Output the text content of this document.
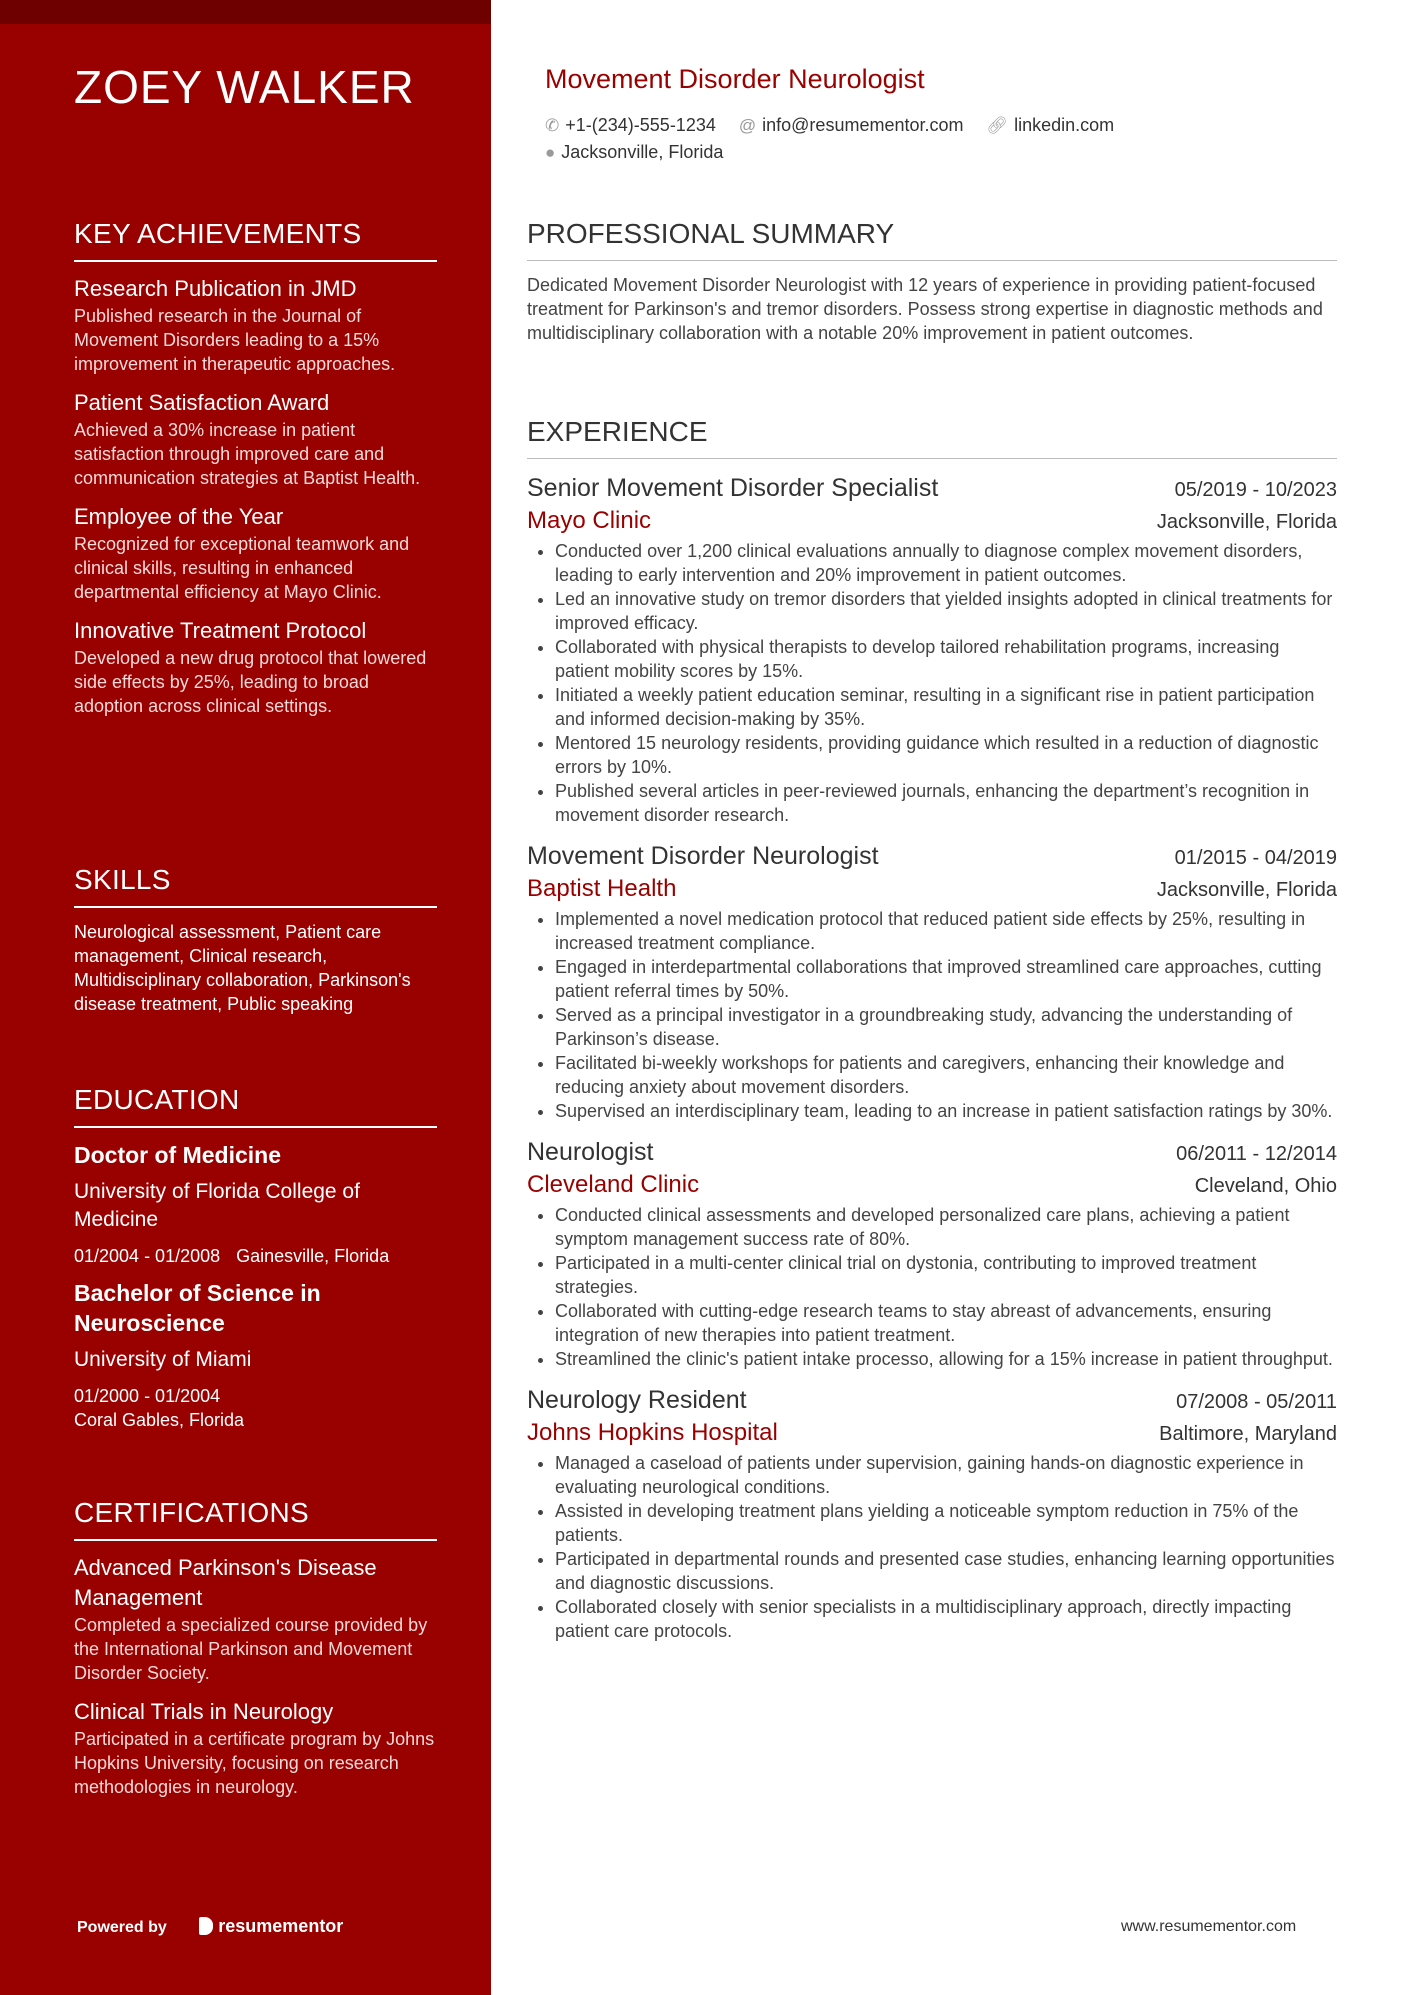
ZOEY WALKER
KEY ACHIEVEMENTS
Research Publication in JMD
Published research in the Journal of Movement Disorders leading to a 15% improvement in therapeutic approaches.
Patient Satisfaction Award
Achieved a 30% increase in patient satisfaction through improved care and communication strategies at Baptist Health.
Employee of the Year
Recognized for exceptional teamwork and clinical skills, resulting in enhanced departmental efficiency at Mayo Clinic.
Innovative Treatment Protocol
Developed a new drug protocol that lowered side effects by 25%, leading to broad adoption across clinical settings.
SKILLS
Neurological assessment, Patient care management, Clinical research, Multidisciplinary collaboration, Parkinson's disease treatment, Public speaking
EDUCATION
Doctor of Medicine
University of Florida College of Medicine
01/2004 - 01/2008 Gainesville, Florida
Bachelor of Science in Neuroscience
University of Miami
01/2000 - 01/2004
Coral Gables, Florida
CERTIFICATIONS
Advanced Parkinson's Disease Management
Completed a specialized course provided by the International Parkinson and Movement Disorder Society.
Clinical Trials in Neurology
Participated in a certificate program by Johns Hopkins University, focusing on research methodologies in neurology.
Powered by	resumementor
Movement Disorder Neurologist
✆ +1-(234)-555-1234 @ info@resumementor.com 🔗︎ linkedin.com
● Jacksonville, Florida
PROFESSIONAL SUMMARY
Dedicated Movement Disorder Neurologist with 12 years of experience in providing patient-focused treatment for Parkinson's and tremor disorders. Possess strong expertise in diagnostic methods and multidisciplinary collaboration with a notable 20% improvement in patient outcomes.
EXPERIENCE
Senior Movement Disorder Specialist	05/2019 - 10/2023
Mayo Clinic	Jacksonville, Florida
• Conducted over 1,200 clinical evaluations annually to diagnose complex movement disorders, leading to early intervention and 20% improvement in patient outcomes.
• Led an innovative study on tremor disorders that yielded insights adopted in clinical treatments for improved efficacy.
• Collaborated with physical therapists to develop tailored rehabilitation programs, increasing patient mobility scores by 15%.
• Initiated a weekly patient education seminar, resulting in a significant rise in patient participation and informed decision-making by 35%.
• Mentored 15 neurology residents, providing guidance which resulted in a reduction of diagnostic errors by 10%.
• Published several articles in peer-reviewed journals, enhancing the department’s recognition in movement disorder research.
Movement Disorder Neurologist	01/2015 - 04/2019
Baptist Health	Jacksonville, Florida
• Implemented a novel medication protocol that reduced patient side effects by 25%, resulting in increased treatment compliance.
• Engaged in interdepartmental collaborations that improved streamlined care approaches, cutting patient referral times by 50%.
• Served as a principal investigator in a groundbreaking study, advancing the understanding of Parkinson’s disease.
• Facilitated bi-weekly workshops for patients and caregivers, enhancing their knowledge and reducing anxiety about movement disorders.
• Supervised an interdisciplinary team, leading to an increase in patient satisfaction ratings by 30%.
Neurologist	06/2011 - 12/2014
Cleveland Clinic	Cleveland, Ohio
• Conducted clinical assessments and developed personalized care plans, achieving a patient symptom management success rate of 80%.
• Participated in a multi-center clinical trial on dystonia, contributing to improved treatment strategies.
• Collaborated with cutting-edge research teams to stay abreast of advancements, ensuring integration of new therapies into patient treatment.
• Streamlined the clinic's patient intake processo, allowing for a 15% increase in patient throughput.
Neurology Resident	07/2008 - 05/2011
Johns Hopkins Hospital	Baltimore, Maryland
• Managed a caseload of patients under supervision, gaining hands-on diagnostic experience in evaluating neurological conditions.
• Assisted in developing treatment plans yielding a noticeable symptom reduction in 75% of the patients.
• Participated in departmental rounds and presented case studies, enhancing learning opportunities and diagnostic discussions.
• Collaborated closely with senior specialists in a multidisciplinary approach, directly impacting patient care protocols.
www.resumementor.com
